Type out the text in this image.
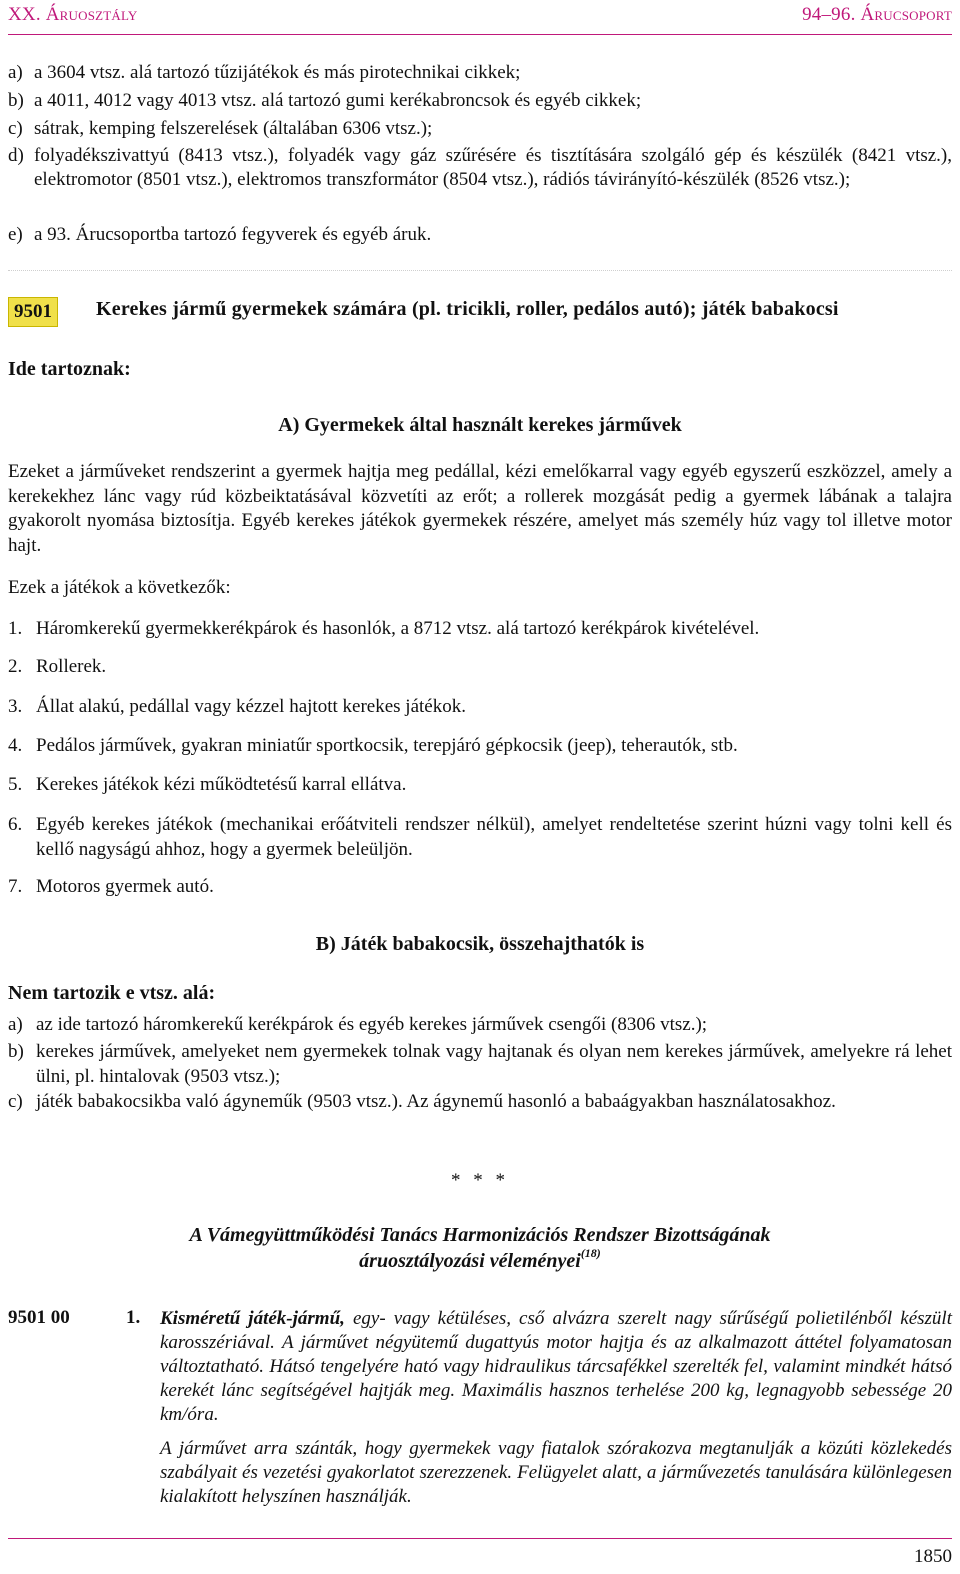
XX. Áruosztály	94–96. Árucsoport
a) a 3604 vtsz. alá tartozó tűzijátékok és más pirotechnikai cikkek;
b) a 4011, 4012 vagy 4013 vtsz. alá tartozó gumi kerékabroncsok és egyéb cikkek;
c) sátrak, kemping felszerelések (általában 6306 vtsz.);
d) folyadékszivattyú (8413 vtsz.), folyadék vagy gáz szűrésére és tisztítására szolgáló gép és készülék (8421 vtsz.), elektromotor (8501 vtsz.), elektromos transzformátor (8504 vtsz.), rádiós távirányító-készülék (8526 vtsz.);
e) a 93. Árucsoportba tartozó fegyverek és egyéb áruk.
9501	Kerekes jármű gyermekek számára (pl. tricikli, roller, pedálos autó); játék babakocsi
Ide tartoznak:
A) Gyermekek által használt kerekes járművek
Ezeket a járműveket rendszerint a gyermek hajtja meg pedállal, kézi emelőkarral vagy egyéb egyszerű eszközzel, amely a kerekekhez lánc vagy rúd közbeiktatásával közvetíti az erőt; a rollerek mozgását pedig a gyermek lábának a talajra gyakorolt nyomása biztosítja. Egyéb kerekes játékok gyermekek részére, amelyet más személy húz vagy tol illetve motor hajt.
Ezek a játékok a következők:
1. Háromkerekű gyermekkerékpárok és hasonlók, a 8712 vtsz. alá tartozó kerékpárok kivételével.
2. Rollerek.
3. Állat alakú, pedállal vagy kézzel hajtott kerekes játékok.
4. Pedálos járművek, gyakran miniatűr sportkocsik, terepjáró gépkocsik (jeep), teherautók, stb.
5. Kerekes játékok kézi működtetésű karral ellátva.
6. Egyéb kerekes játékok (mechanikai erőátviteli rendszer nélkül), amelyet rendeltetése szerint húzni vagy tolni kell és kellő nagyságú ahhoz, hogy a gyermek beleüljön.
7. Motoros gyermek autó.
B) Játék babakocsik, összehajthatók is
Nem tartozik e vtsz. alá:
a) az ide tartozó háromkerekű kerékpárok és egyéb kerekes járművek csengői (8306 vtsz.);
b) kerekes járművek, amelyeket nem gyermekek tolnak vagy hajtanak és olyan nem kerekes járművek, amelyekre rá lehet ülni, pl. hintalovak (9503 vtsz.);
c) játék babakocsikba való ágyneműk (9503 vtsz.). Az ágynemű hasonló a babaágyakban használatosakhoz.
* * *
A Vámegyüttműködési Tanács Harmonizációs Rendszer Bizottságának
áruosztályozási véleményei$^{(18)}$
9501 00	1. Kisméretű játék-jármű, egy- vagy kétüléses, cső alvázra szerelt nagy sűrűségű polietilénből készült karosszériával. A járművet négyütemű dugattyús motor hajtja és az alkalmazott áttétel folyamatosan változtatható. Hátsó tengelyére ható vagy hidraulikus tárcsafékkel szerelték fel, valamint mindkét hátsó kerekét lánc segítségével hajtják meg. Maximális hasznos terhelése 200 kg, legnagyobb sebessége 20 km/óra.
A járművet arra szánták, hogy gyermekek vagy fiatalok szórakozva megtanulják a közúti közlekedés szabályait és vezetési gyakorlatot szerezzenek. Felügyelet alatt, a járművezetés tanulására különlegesen kialakított helyszínen használják.
1850
